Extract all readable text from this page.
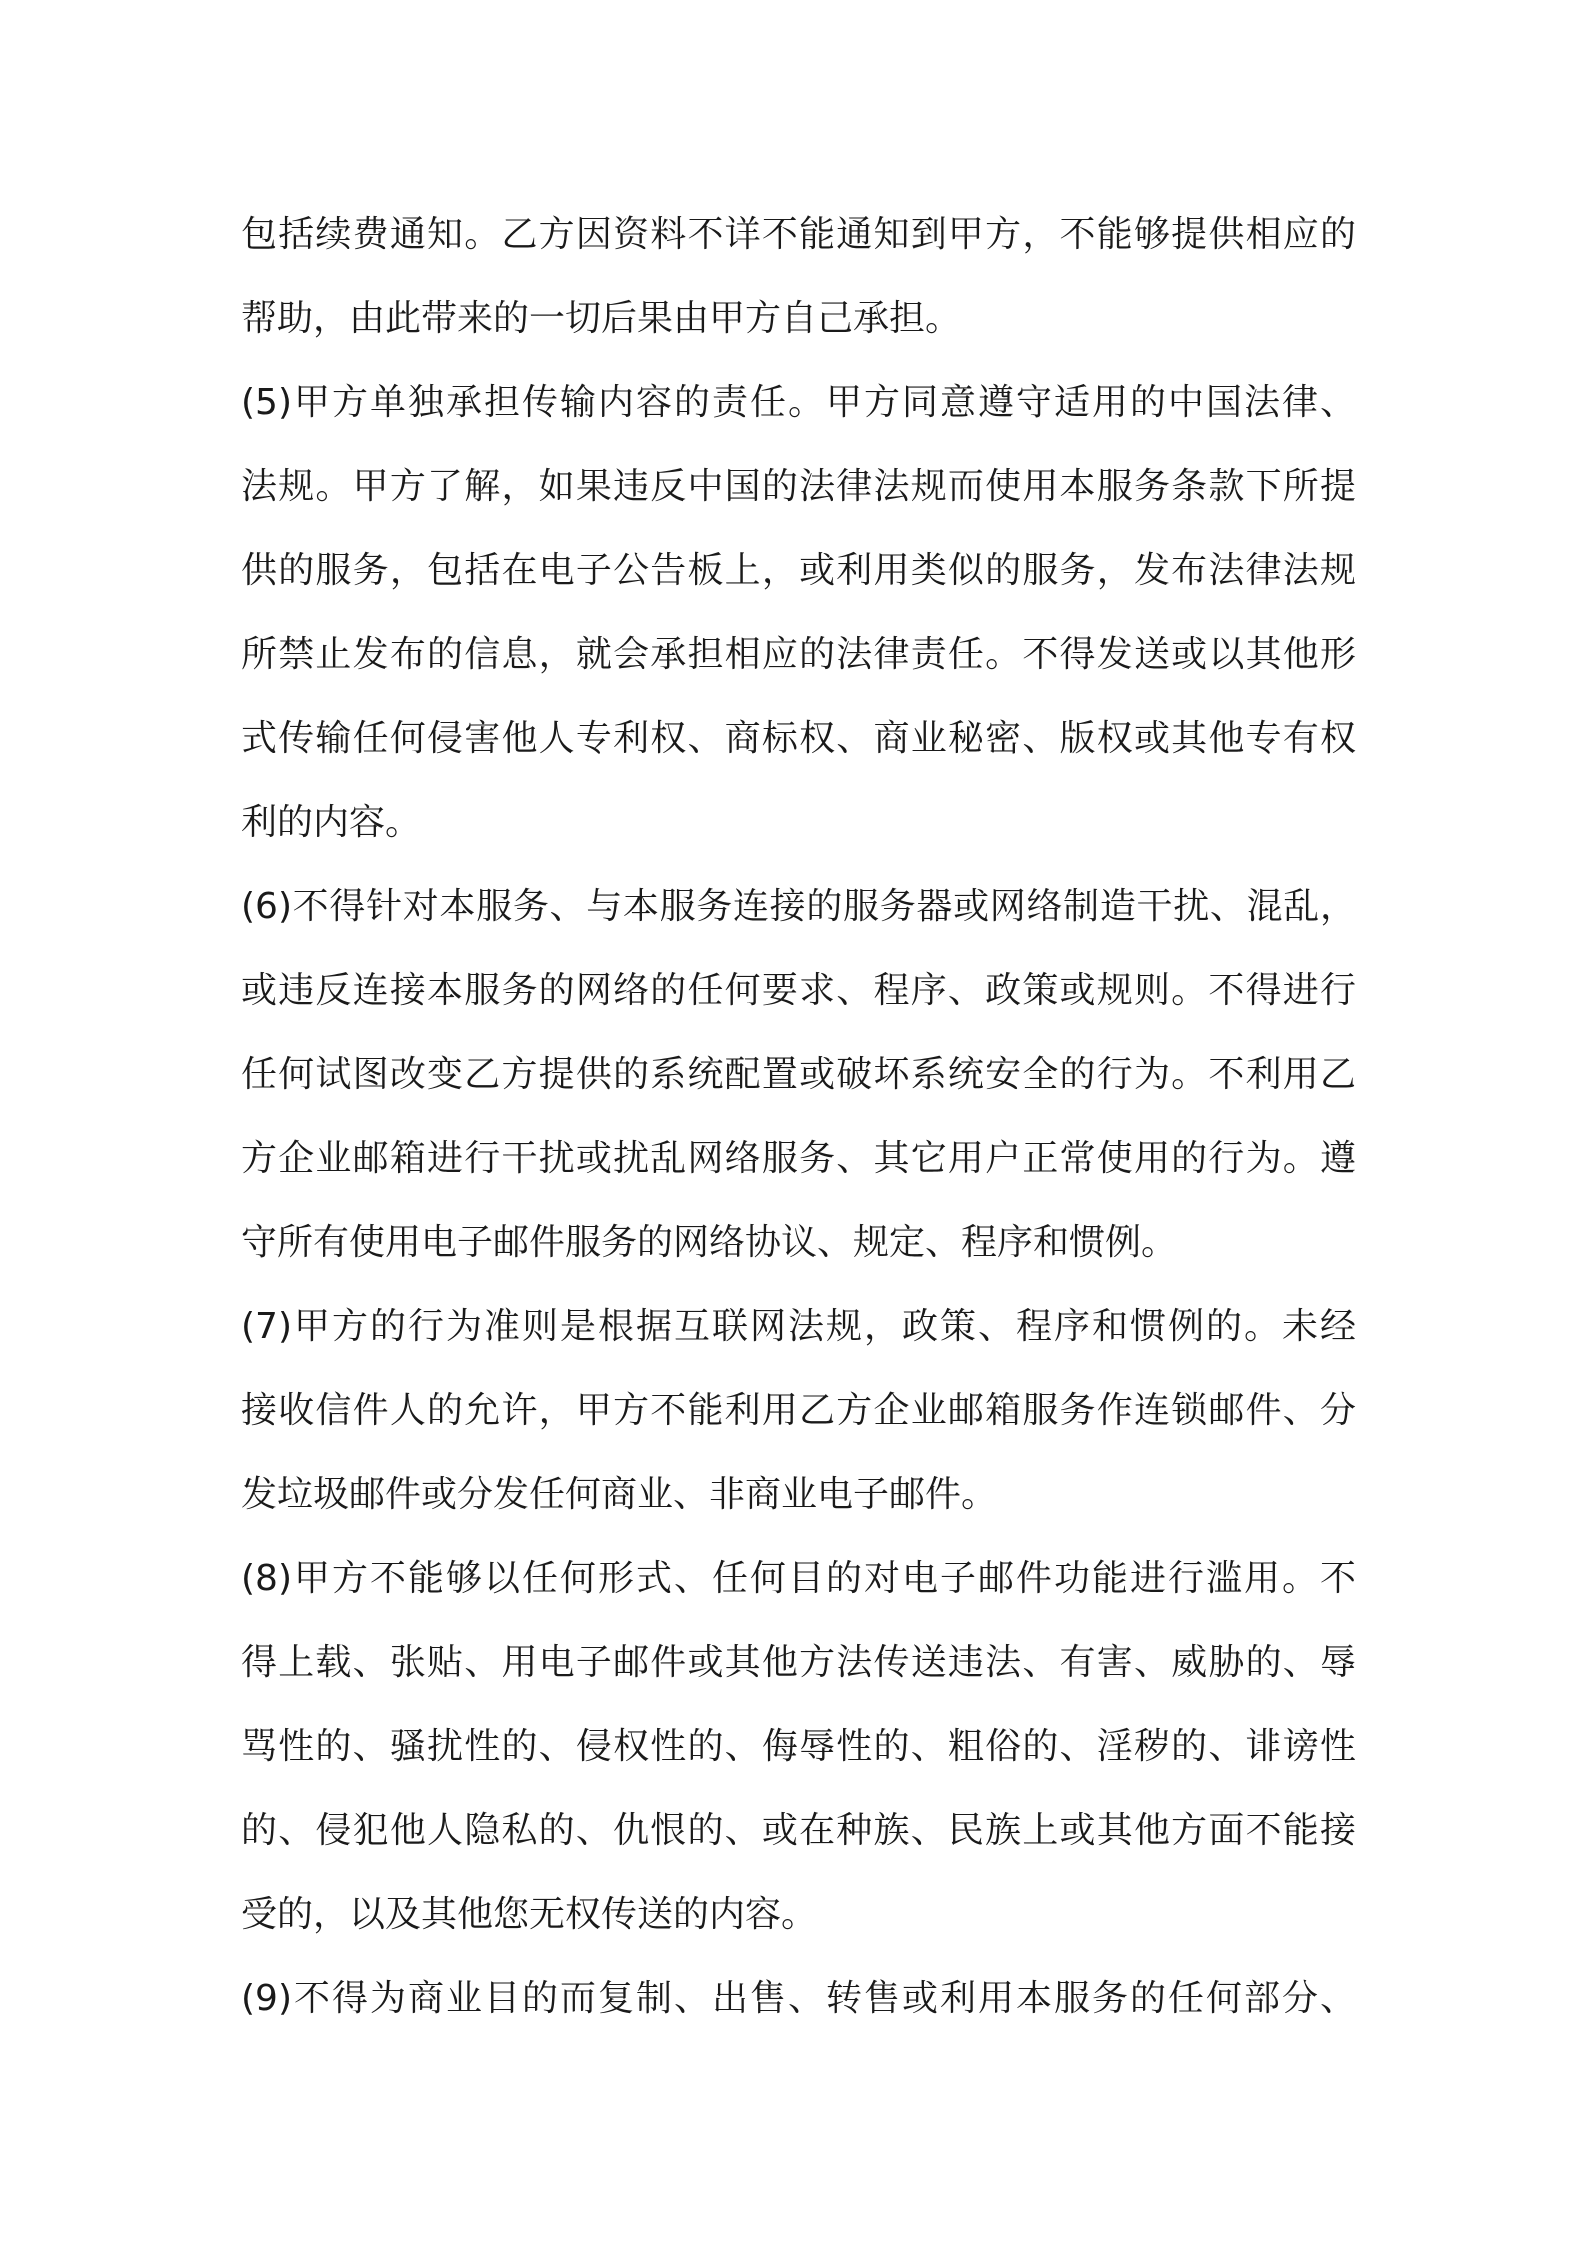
包括续费通知。乙方因资料不详不能通知到甲方，不能够提供相应的
帮助，由此带来的一切后果由甲方自己承担。
(5)甲方单独承担传输内容的责任。甲方同意遵守适用的中国法律、
法规。甲方了解，如果违反中国的法律法规而使用本服务条款下所提
供的服务，包括在电子公告板上，或利用类似的服务，发布法律法规
所禁止发布的信息，就会承担相应的法律责任。不得发送或以其他形
式传输任何侵害他人专利权、商标权、商业秘密、版权或其他专有权
利的内容。
(6)不得针对本服务、与本服务连接的服务器或网络制造干扰、混乱，
或违反连接本服务的网络的任何要求、程序、政策或规则。不得进行
任何试图改变乙方提供的系统配置或破坏系统安全的行为。不利用乙
方企业邮箱进行干扰或扰乱网络服务、其它用户正常使用的行为。遵
守所有使用电子邮件服务的网络协议、规定、程序和惯例。
(7)甲方的行为准则是根据互联网法规，政策、程序和惯例的。未经
接收信件人的允许，甲方不能利用乙方企业邮箱服务作连锁邮件、分
发垃圾邮件或分发任何商业、非商业电子邮件。
(8)甲方不能够以任何形式、任何目的对电子邮件功能进行滥用。不
得上载、张贴、用电子邮件或其他方法传送违法、有害、威胁的、辱
骂性的、骚扰性的、侵权性的、侮辱性的、粗俗的、淫秽的、诽谤性
的、侵犯他人隐私的、仇恨的、或在种族、民族上或其他方面不能接
受的，以及其他您无权传送的内容。
(9)不得为商业目的而复制、出售、转售或利用本服务的任何部分、
